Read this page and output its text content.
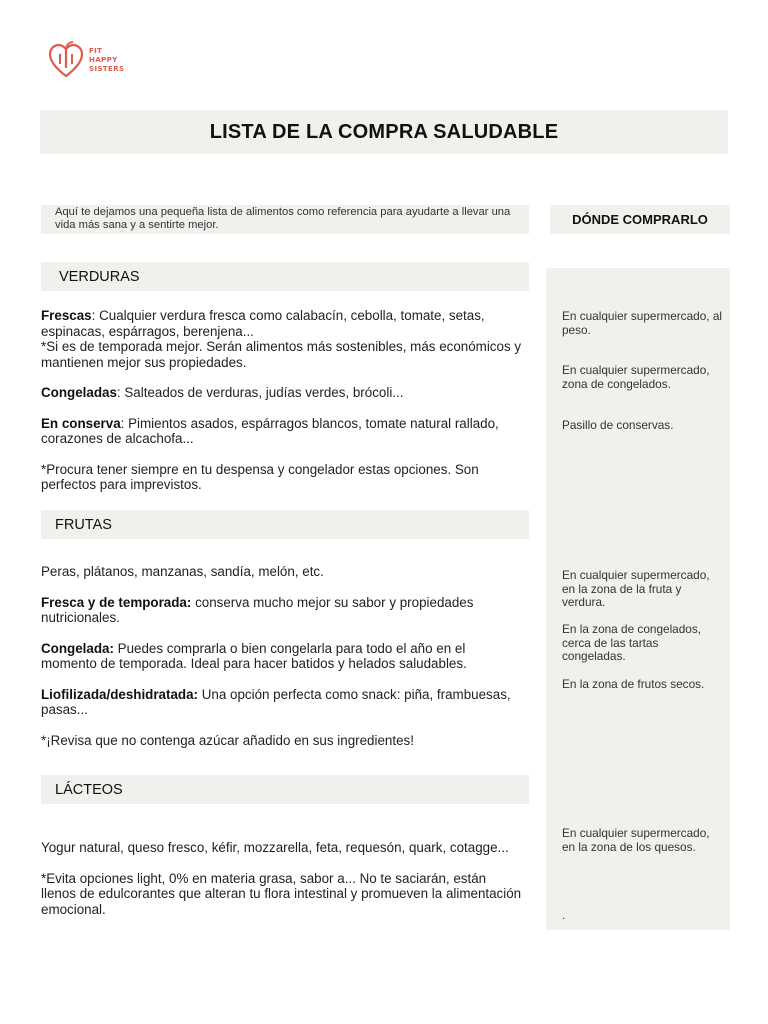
FIT
HAPPY
SISTERS
LISTA DE LA COMPRA SALUDABLE
Aquí te dejamos una pequeña lista de alimentos como referencia para ayudarte a llevar una vida más sana y a sentirte mejor.	DÓNDE COMPRARLO
VERDURAS

Frescas: Cualquier verdura fresca como calabacín, cebolla, tomate, setas, espinacas, espárragos, berenjena...

*Si es de temporada mejor. Serán alimentos más sostenibles, más económicos y mantienen mejor sus propiedades.

Congeladas: Salteados de verduras, judías verdes, brócoli...

En conserva: Pimientos asados, espárragos blancos, tomate natural rallado, corazones de alcachofa...

*Procura tener siempre en tu despensa y congelador estas opciones. Son perfectos para imprevistos.

En cualquier supermercado, al peso.
En cualquier supermercado, zona de congelados.
Pasillo de conservas.
FRUTAS

Peras, plátanos, manzanas, sandía, melón, etc.

Fresca y de temporada: conserva mucho mejor su sabor y propiedades nutricionales.

Congelada: Puedes comprarla o bien congelarla para todo el año en el momento de temporada. Ideal para hacer batidos y helados saludables.

Liofilizada/deshidratada: Una opción perfecta como snack: piña, frambuesas, pasas...

*¡Revisa que no contenga azúcar añadido en sus ingredientes!

En cualquier supermercado, en la zona de la fruta y verdura.
En la zona de congelados, cerca de las tartas congeladas.
En la zona de frutos secos.
LÁCTEOS

Yogur natural, queso fresco, kéfir, mozzarella, feta, requesón, quark, cotagge...

*Evita opciones light, 0% en materia grasa, sabor a... No te saciarán, están llenos de edulcorantes que alteran tu flora intestinal y promueven la alimentación emocional.

En cualquier supermercado, en la zona de los quesos.
.
